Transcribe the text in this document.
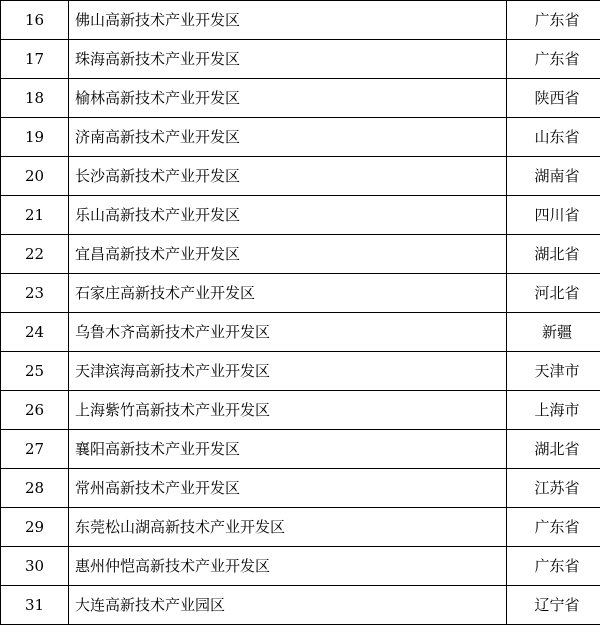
16	佛山高新技术产业开发区	广东省
17	珠海高新技术产业开发区	广东省
18	榆林高新技术产业开发区	陕西省
19	济南高新技术产业开发区	山东省
20	长沙高新技术产业开发区	湖南省
21	乐山高新技术产业开发区	四川省
22	宜昌高新技术产业开发区	湖北省
23	石家庄高新技术产业开发区	河北省
24	乌鲁木齐高新技术产业开发区	新疆
25	天津滨海高新技术产业开发区	天津市
26	上海紫竹高新技术产业开发区	上海市
27	襄阳高新技术产业开发区	湖北省
28	常州高新技术产业开发区	江苏省
29	东莞松山湖高新技术产业开发区	广东省
30	惠州仲恺高新技术产业开发区	广东省
31	大连高新技术产业园区	辽宁省
